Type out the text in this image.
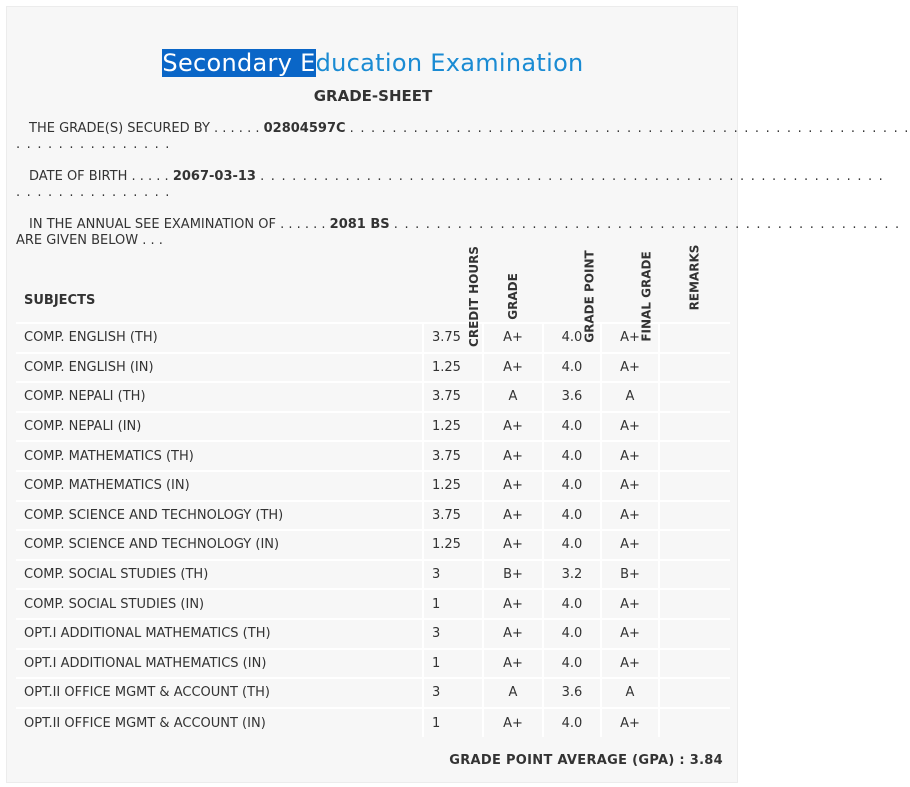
Secondary Education Examination
GRADE-SHEET
THE GRADE(S) SECURED BY . . . . . . 02804597C . . . . . . . . . . . . . . . . . . . . . . . . . . . . . . . . . . . . . . . . . . . . . . . . . . . . .
. . . . . . . . . . . . . . .
DATE OF BIRTH . . . . . 2067-03-13 . . . . . . . . . . . . . . . . . . . . . . . . . . . . . . . . . . . . . . . . . . . . . . . . . . . . . . . . . . .
. . . . . . . . . . . . . . .
IN THE ANNUAL SEE EXAMINATION OF . . . . . . 2081 BS . . . . . . . . . . . . . . . . . . . . . . . . . . . . . . . . . . . . . . . . . . . . . . . .
ARE GIVEN BELOW . . .
SUBJECTS	CREDIT HOURS	GRADE	GRADE POINT	FINAL GRADE	REMARKS
COMP. ENGLISH (TH)	3.75	A+	4.0	A+	
COMP. ENGLISH (IN)	1.25	A+	4.0	A+	
COMP. NEPALI (TH)	3.75	A	3.6	A	
COMP. NEPALI (IN)	1.25	A+	4.0	A+	
COMP. MATHEMATICS (TH)	3.75	A+	4.0	A+	
COMP. MATHEMATICS (IN)	1.25	A+	4.0	A+	
COMP. SCIENCE AND TECHNOLOGY (TH)	3.75	A+	4.0	A+	
COMP. SCIENCE AND TECHNOLOGY (IN)	1.25	A+	4.0	A+	
COMP. SOCIAL STUDIES (TH)	3	B+	3.2	B+	
COMP. SOCIAL STUDIES (IN)	1	A+	4.0	A+	
OPT.I ADDITIONAL MATHEMATICS (TH)	3	A+	4.0	A+	
OPT.I ADDITIONAL MATHEMATICS (IN)	1	A+	4.0	A+	
OPT.II OFFICE MGMT & ACCOUNT (TH)	3	A	3.6	A	
OPT.II OFFICE MGMT & ACCOUNT (IN)	1	A+	4.0	A+	
GRADE POINT AVERAGE (GPA) : 3.84
